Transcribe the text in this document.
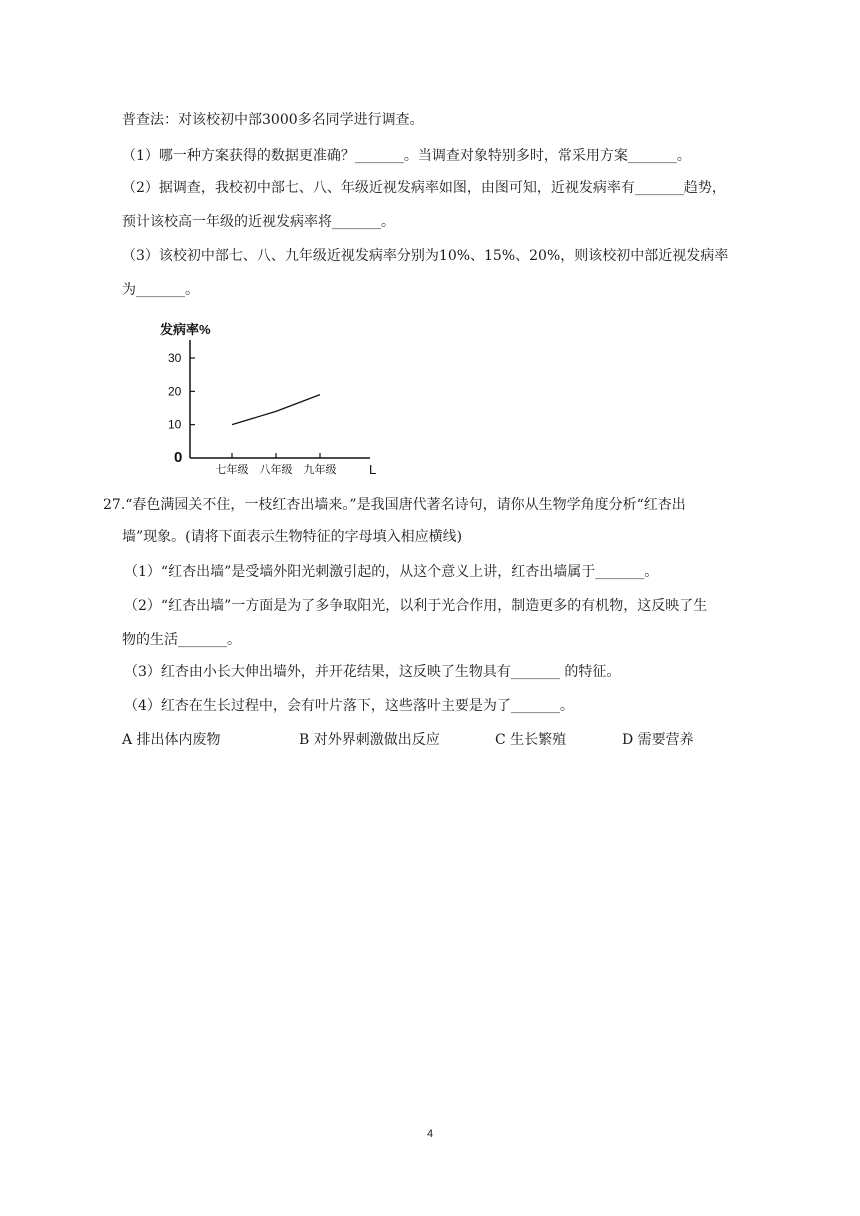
普查法：对该校初中部3000多名同学进行调查。
（1）哪一种方案获得的数据更准确？_______。当调查对象特别多时，常采用方案_______。
（2）据调查，我校初中部七、八、年级近视发病率如图，由图可知，近视发病率有_______趋势，
预计该校高一年级的近视发病率将_______。
（3）该校初中部七、八、九年级近视发病率分别为10%、15%、20%，则该校初中部近视发病率
为_______。
发病率%
0
10
20
30
七年级 八年级 九年级	L
27.“春色满园关不住，一枝红杏出墙来。”是我国唐代著名诗句，请你从生物学角度分析“红杏出
墙”现象。(请将下面表示生物特征的字母填入相应横线)
（1）“红杏出墙”是受墙外阳光刺激引起的，从这个意义上讲，红杏出墙属于_______。
（2）“红杏出墙”一方面是为了多争取阳光，以利于光合作用，制造更多的有机物，这反映了生
物的生活_______。
（3）红杏由小长大伸出墙外，并开花结果，这反映了生物具有_______ 的特征。
（4）红杏在生长过程中，会有叶片落下，这些落叶主要是为了_______。
A 排出体内废物	B 对外界刺激做出反应	C 生长繁殖	D 需要营养
4
